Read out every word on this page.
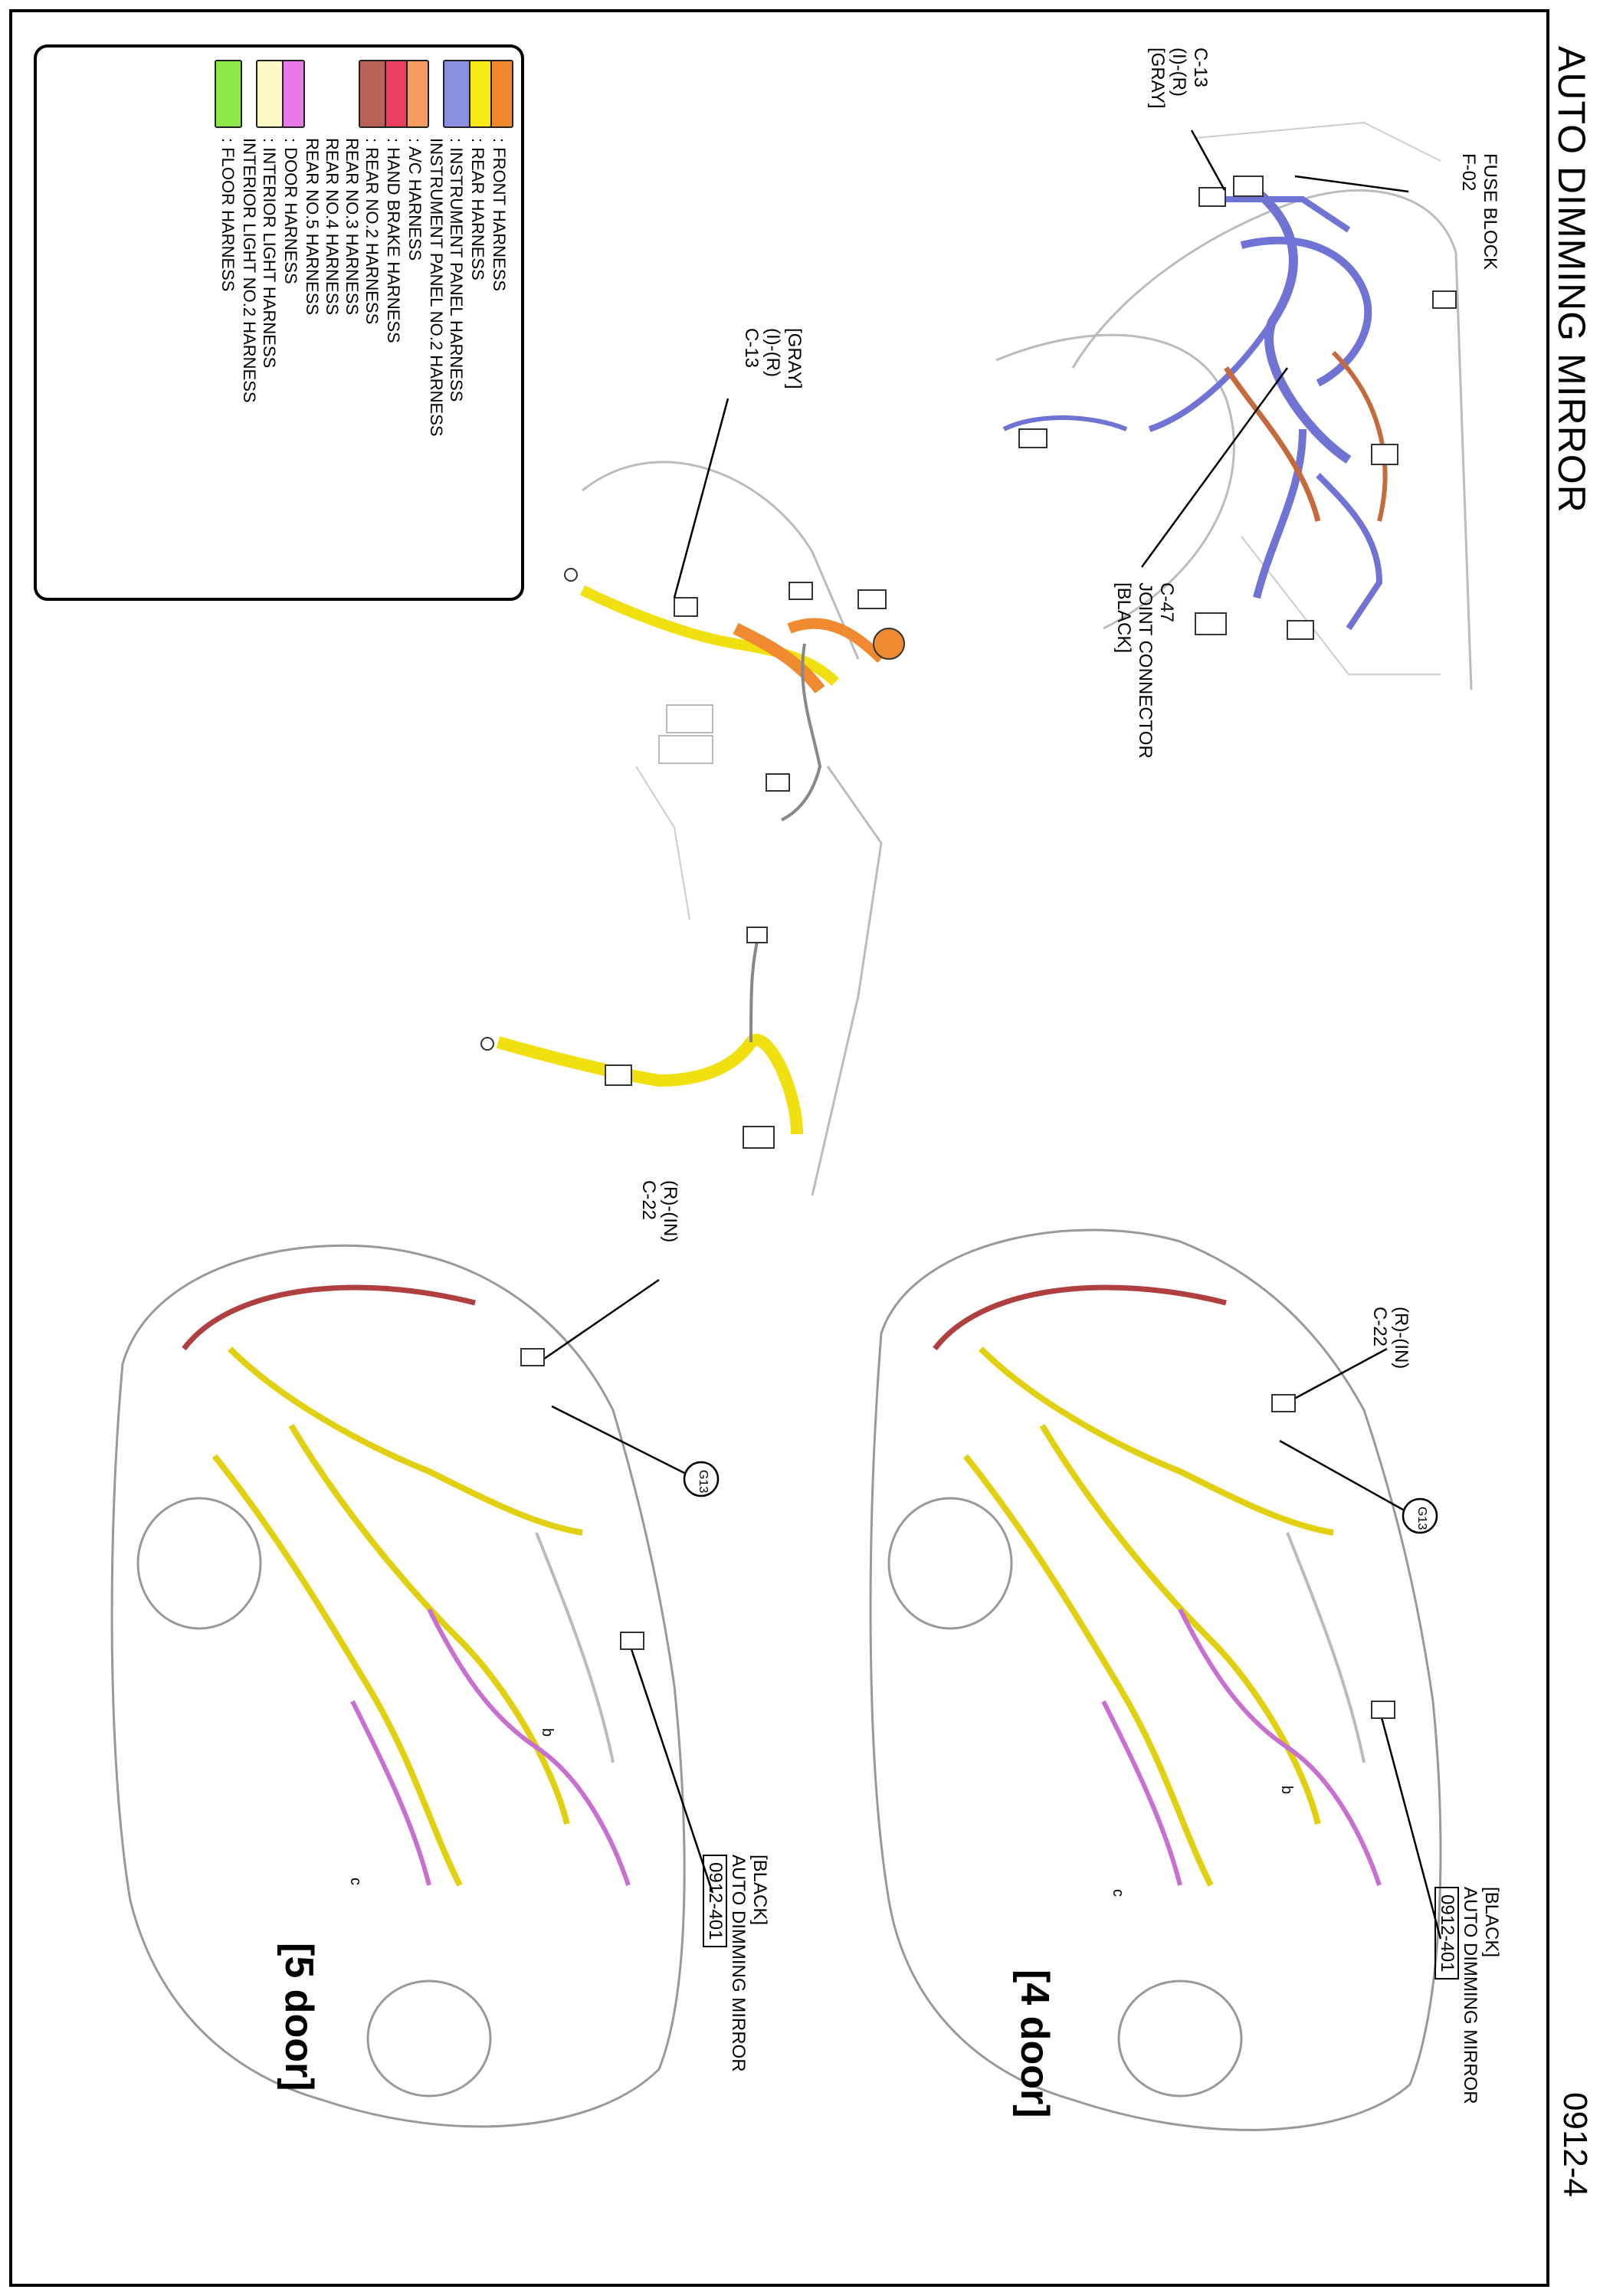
AUTO DIMMING MIRROR
0912-4
FUSE BLOCK
F-02
C-13
(I)-(R)
[GRAY]
C-47
JOINT CONNECTOR
[BLACK]
[GRAY]
(I)-(R)
C-13
(R)-(IN)
C-22
(R)-(IN)
C-22
G13
G13
b
c
b
c
[BLACK]
AUTO DIMMING MIRROR
0912-401	[BLACK]
AUTO DIMMING MIRROR
0912-401
[5 door]	[4 door]
: FRONT HARNESS
: REAR HARNESS
: INSTRUMENT PANEL HARNESS
INSTRUMENT PANEL NO.2 HARNESS
: A/C HARNESS
: HAND BRAKE HARNESS
: REAR NO.2 HARNESS
REAR NO.3 HARNESS
REAR NO.4 HARNESS
REAR NO.5 HARNESS
: DOOR HARNESS
: INTERIOR LIGHT HARNESS
INTERIOR LIGHT NO.2 HARNESS
: FLOOR HARNESS
